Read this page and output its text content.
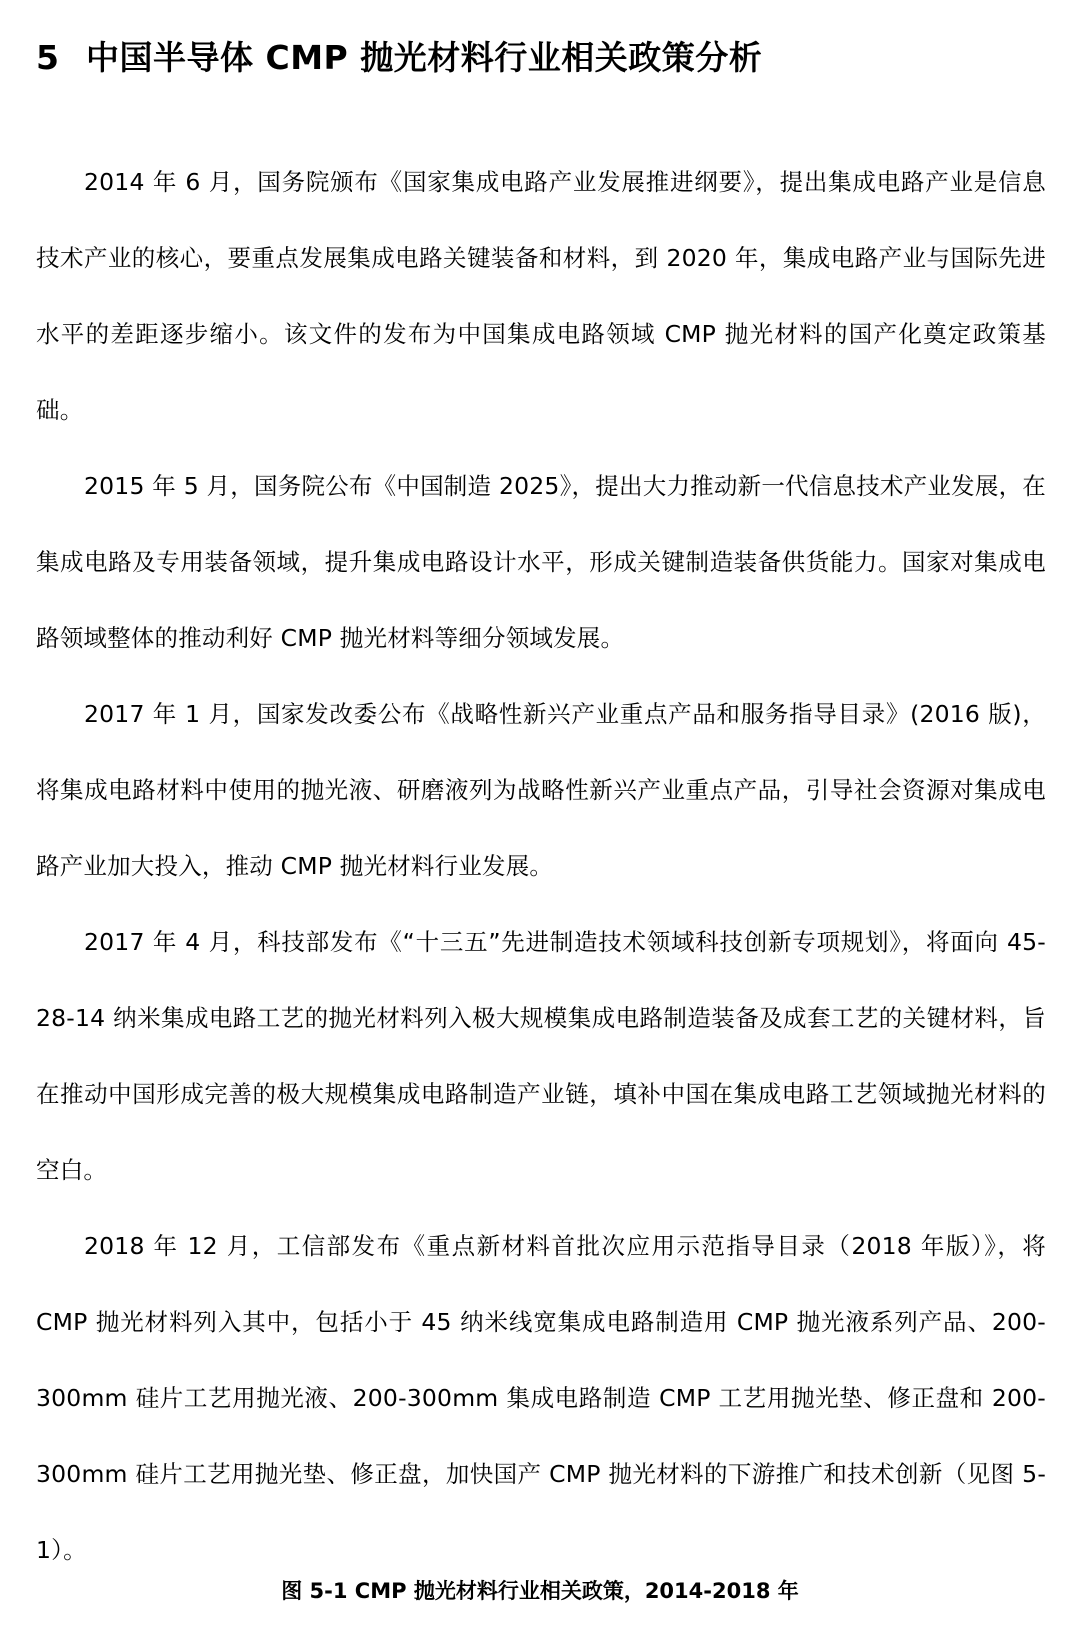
5 中国半导体 CMP 抛光材料行业相关政策分析

2014 年 6 月，国务院颁布《国家集成电路产业发展推进纲要》，提出集成电路产业是信息技术产业的核心，要重点发展集成电路关键装备和材料，到 2020 年，集成电路产业与国际先进水平的差距逐步缩小。该文件的发布为中国集成电路领域 CMP 抛光材料的国产化奠定政策基础。

2015 年 5 月，国务院公布《中国制造 2025》，提出大力推动新一代信息技术产业发展，在集成电路及专用装备领域，提升集成电路设计水平，形成关键制造装备供货能力。国家对集成电路领域整体的推动利好 CMP 抛光材料等细分领域发展。

2017 年 1 月，国家发改委公布《战略性新兴产业重点产品和服务指导目录》(2016 版)，将集成电路材料中使用的抛光液、研磨液列为战略性新兴产业重点产品，引导社会资源对集成电路产业加大投入，推动 CMP 抛光材料行业发展。

2017 年 4 月，科技部发布《“十三五”先进制造技术领域科技创新专项规划》，将面向 45-28-14 纳米集成电路工艺的抛光材料列入极大规模集成电路制造装备及成套工艺的关键材料，旨在推动中国形成完善的极大规模集成电路制造产业链，填补中国在集成电路工艺领域抛光材料的空白。

2018 年 12 月，工信部发布《重点新材料首批次应用示范指导目录（2018 年版）》，将 CMP 抛光材料列入其中，包括小于 45 纳米线宽集成电路制造用 CMP 抛光液系列产品、200-300mm 硅片工艺用抛光液、200-300mm 集成电路制造 CMP 工艺用抛光垫、修正盘和 200-300mm 硅片工艺用抛光垫、修正盘，加快国产 CMP 抛光材料的下游推广和技术创新（见图 5-1）。

图 5-1 CMP 抛光材料行业相关政策，2014-2018 年
